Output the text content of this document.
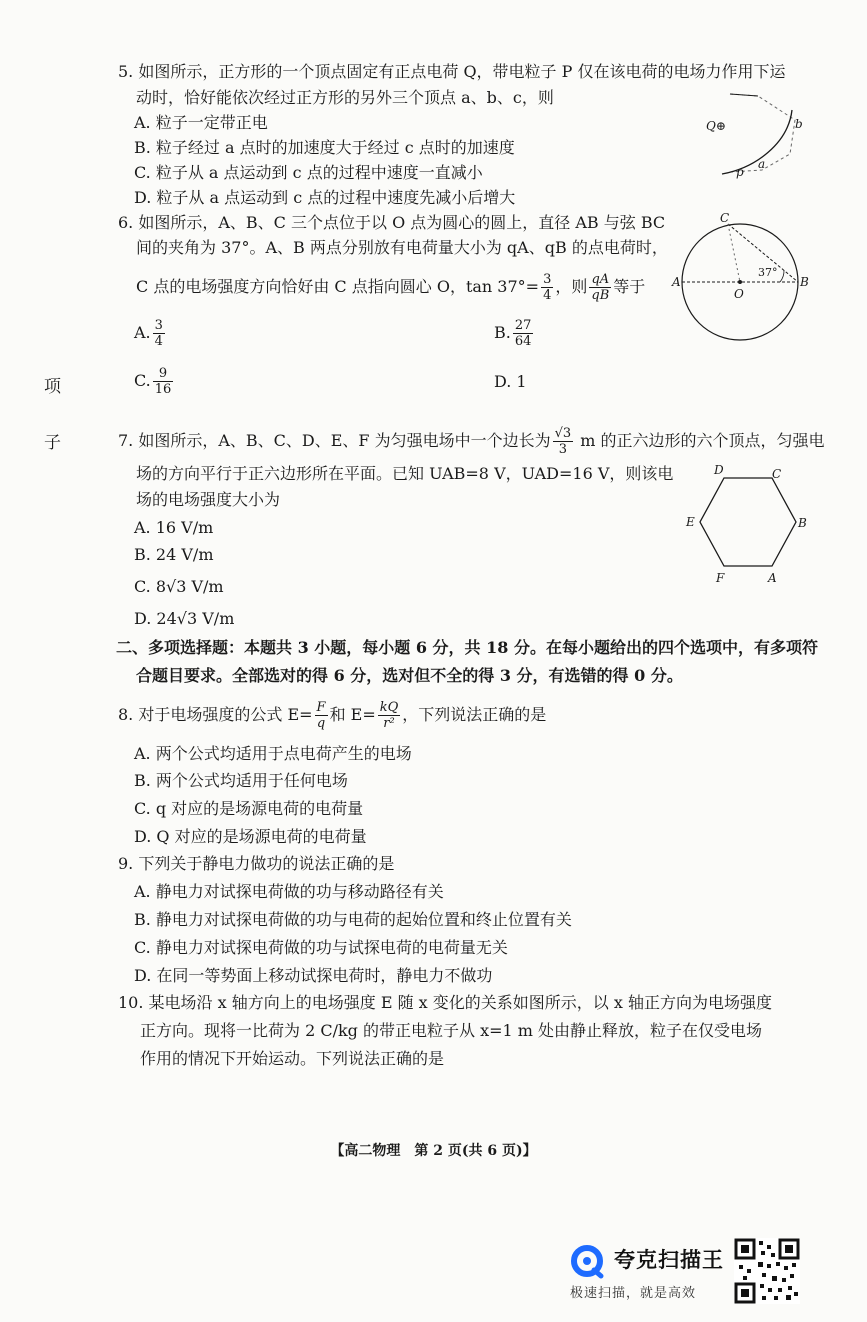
项
子
5. 如图所示，正方形的一个顶点固定有正点电荷 Q，带电粒子 P 仅在该电荷的电场力作用下运
动时，恰好能依次经过正方形的另外三个顶点 a、b、c，则
A. 粒子一定带正电
B. 粒子经过 a 点时的加速度大于经过 c 点时的加速度
C. 粒子从 a 点运动到 c 点的过程中速度一直减小
D. 粒子从 a 点运动到 c 点的过程中速度先减小后增大
Q⊕	b
a
p
6. 如图所示，A、B、C 三个点位于以 O 点为圆心的圆上，直径 AB 与弦 BC
间的夹角为 37°。A、B 两点分别放有电荷量大小为 qA、qB 的点电荷时，
C 点的电场强度方向恰好由 C 点指向圆心 O，$\tan 37^\circ= \frac{3}{4}$ ，则 $\frac{qA}{qB}$ 等于
A. $\frac{3}{4}$	B. $\frac{27}{64}$
C. $\frac{9}{16}$	D. 1
A	B
C
O
37°
7. 如图所示，A、B、C、D、E、F 为匀强电场中一个边长为 $\frac{√3}{3}$ m 的正六边形的六个顶点，匀强电
场的方向平行于正六边形所在平面。已知 UAB=8 V，UAD=16 V，则该电
场的电场强度大小为
A. 16 V/m
B. 24 V/m
C. 8√3 V/m
D. 24√3 V/m
D	C
B
E
F	A
二、多项选择题：本题共 3 小题，每小题 6 分，共 18 分。在每小题给出的四个选项中，有多项符
合题目要求。全部选对的得 6 分，选对但不全的得 3 分，有选错的得 0 分。
8. 对于电场强度的公式 $E= \frac{F}{q}$ 和 $E= \frac{kQ}{\text{r²}}$ ，下列说法正确的是
A. 两个公式均适用于点电荷产生的电场
B. 两个公式均适用于任何电场
C. q 对应的是场源电荷的电荷量
D. Q 对应的是场源电荷的电荷量
9. 下列关于静电力做功的说法正确的是
A. 静电力对试探电荷做的功与移动路径有关
B. 静电力对试探电荷做的功与电荷的起始位置和终止位置有关
C. 静电力对试探电荷做的功与试探电荷的电荷量无关
D. 在同一等势面上移动试探电荷时，静电力不做功
10. 某电场沿 x 轴方向上的电场强度 E 随 x 变化的关系如图所示，以 x 轴正方向为电场强度
正方向。现将一比荷为 2 C/kg 的带正电粒子从 x=1 m 处由静止释放，粒子在仅受电场
作用的情况下开始运动。下列说法正确的是
【高二物理　第 2 页(共 6 页)】
夸克扫描王
极速扫描，就是高效
